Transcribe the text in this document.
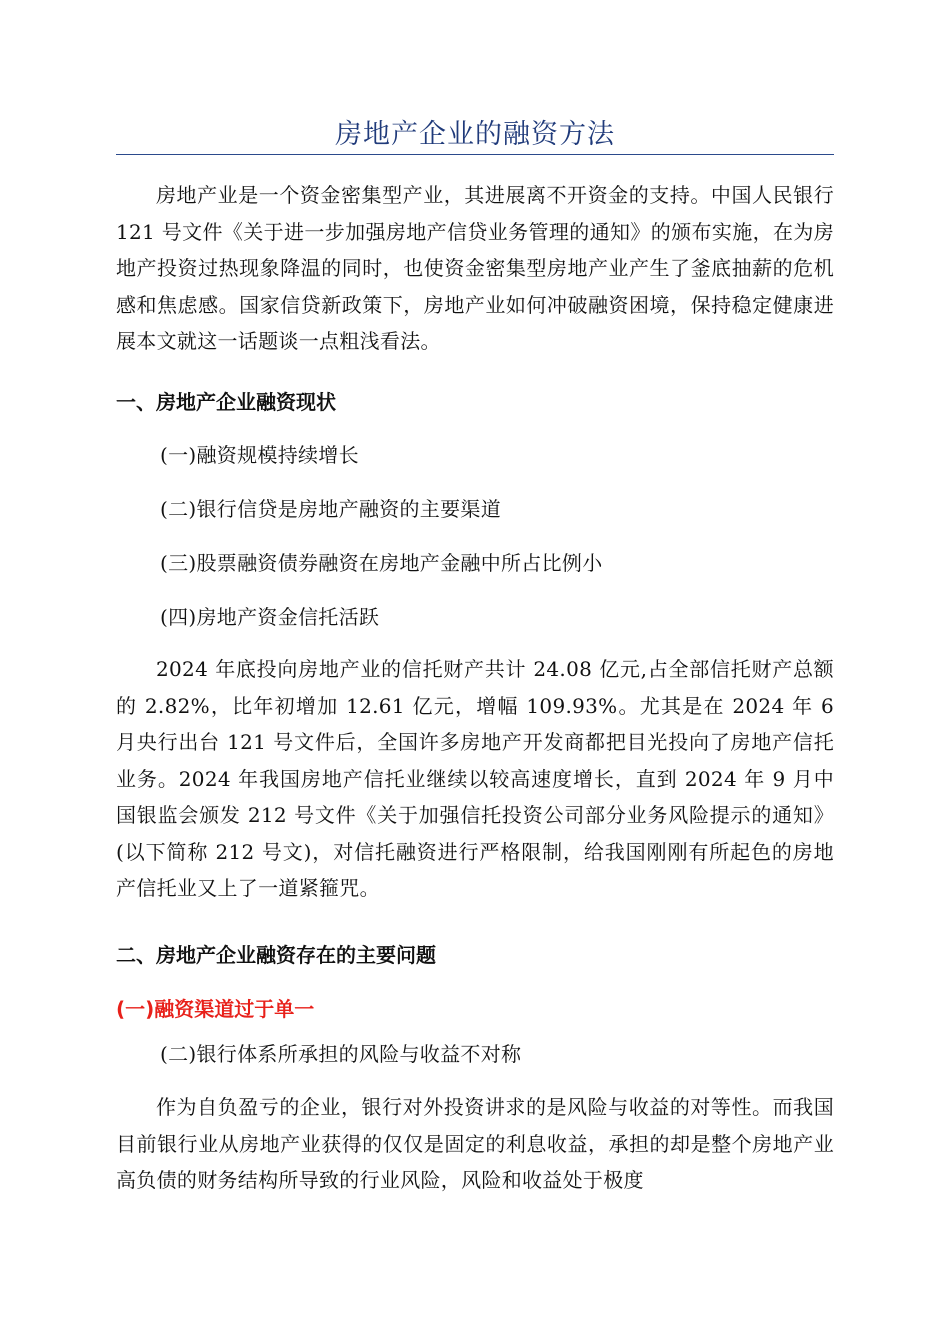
房地产企业的融资方法

房地产业是一个资金密集型产业，其进展离不开资金的支持。中国人民银行 121 号文件《关于进一步加强房地产信贷业务管理的通知》的颁布实施，在为房地产投资过热现象降温的同时，也使资金密集型房地产业产生了釜底抽薪的危机感和焦虑感。国家信贷新政策下，房地产业如何冲破融资困境，保持稳定健康进展本文就这一话题谈一点粗浅看法。

一、房地产企业融资现状

(一)融资规模持续增长

(二)银行信贷是房地产融资的主要渠道

(三)股票融资债券融资在房地产金融中所占比例小

(四)房地产资金信托活跃

2024 年底投向房地产业的信托财产共计 24.08 亿元,占全部信托财产总额的 2.82%，比年初增加 12.61 亿元，增幅 109.93%。尤其是在 2024 年 6 月央行出台 121 号文件后，全国许多房地产开发商都把目光投向了房地产信托业务。2024 年我国房地产信托业继续以较高速度增长，直到 2024 年 9 月中国银监会颁发 212 号文件《关于加强信托投资公司部分业务风险提示的通知》(以下简称 212 号文)，对信托融资进行严格限制，给我国刚刚有所起色的房地产信托业又上了一道紧箍咒。

二、房地产企业融资存在的主要问题
(一)融资渠道过于单一

(二)银行体系所承担的风险与收益不对称

作为自负盈亏的企业，银行对外投资讲求的是风险与收益的对等性。而我国目前银行业从房地产业获得的仅仅是固定的利息收益，承担的却是整个房地产业高负债的财务结构所导致的行业风险，风险和收益处于极度
